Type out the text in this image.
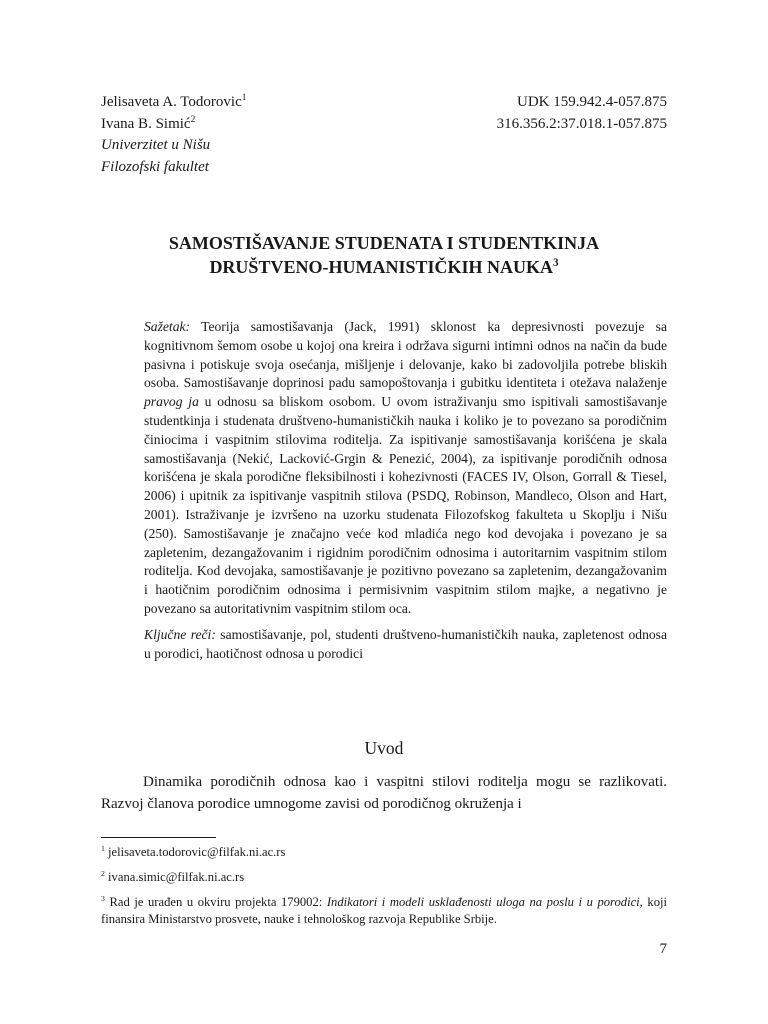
Jelisaveta A. Todorovic$^1$
Ivana B. Simić$^2$
Univerzitet u Nišu
Filozofski fakultet
UDK 159.942.4-057.875
316.356.2:37.018.1-057.875
SAMOSTIŠAVANJE STUDENATA I STUDENTKINJA
DRUŠTVENO-HUMANISTIČKIH NAUKA$^3$

Sažetak: Teorija samostišavanja (Jack, 1991) sklonost ka depresivnosti povezuje sa kognitivnom šemom osobe u kojoj ona kreira i održava sigurni intimni odnos na način da bude pasivna i potiskuje svoja osećanja, mišljenje i delovanje, kako bi zadovoljila potrebe bliskih osoba. Samostišavanje doprinosi padu samopoštovanja i gubitku identiteta i otežava nalaženje pravog ja u odnosu sa bliskom osobom. U ovom istraživanju smo ispitivali samostišavanje studentkinja i studenata društveno-humanističkih nauka i koliko je to povezano sa porodičnim činiocima i vaspitnim stilovima roditelja. Za ispitivanje samostišavanja korišćena je skala samostišavanja (Nekić, Lacković-Grgin & Penezić, 2004), za ispitivanje porodičnih odnosa korišćena je skala porodične fleksibilnosti i kohezivnosti (FACES IV, Olson, Gorrall & Tiesel, 2006) i upitnik za ispitivanje vaspitnih stilova (PSDQ, Robinson, Mandleco, Olson and Hart, 2001). Istraživanje je izvršeno na uzorku studenata Filozofskog fakulteta u Skoplju i Nišu (250). Samostišavanje je značajno veće kod mladića nego kod devojaka i povezano je sa zapletenim, dezangažovanim i rigidnim porodičnim odnosima i autoritarnim vaspitnim stilom roditelja. Kod devojaka, samostišavanje je pozitivno povezano sa zapletenim, dezangažovanim i haotičnim porodičnim odnosima i permisivnim vaspitnim stilom majke, a negativno je povezano sa autoritativnim vaspitnim stilom oca.

Ključne reči: samostišavanje, pol, studenti društveno-humanističkih nauka, zapletenost odnosa u porodici, haotičnost odnosa u porodici

Uvod

Dinamika porodičnih odnosa kao i vaspitni stilovi roditelja mogu se razlikovati. Razvoj članova porodice umnogome zavisi od porodičnog okruženja i

$^1$ jelisaveta.todorovic@filfak.ni.ac.rs
$^2$ ivana.simic@filfak.ni.ac.rs
$^3$ Rad je urađen u okviru projekta 179002: Indikatori i modeli usklađenosti uloga na poslu i u porodici, koji finansira Ministarstvo prosvete, nauke i tehnološkog razvoja Republike Srbije.
7
